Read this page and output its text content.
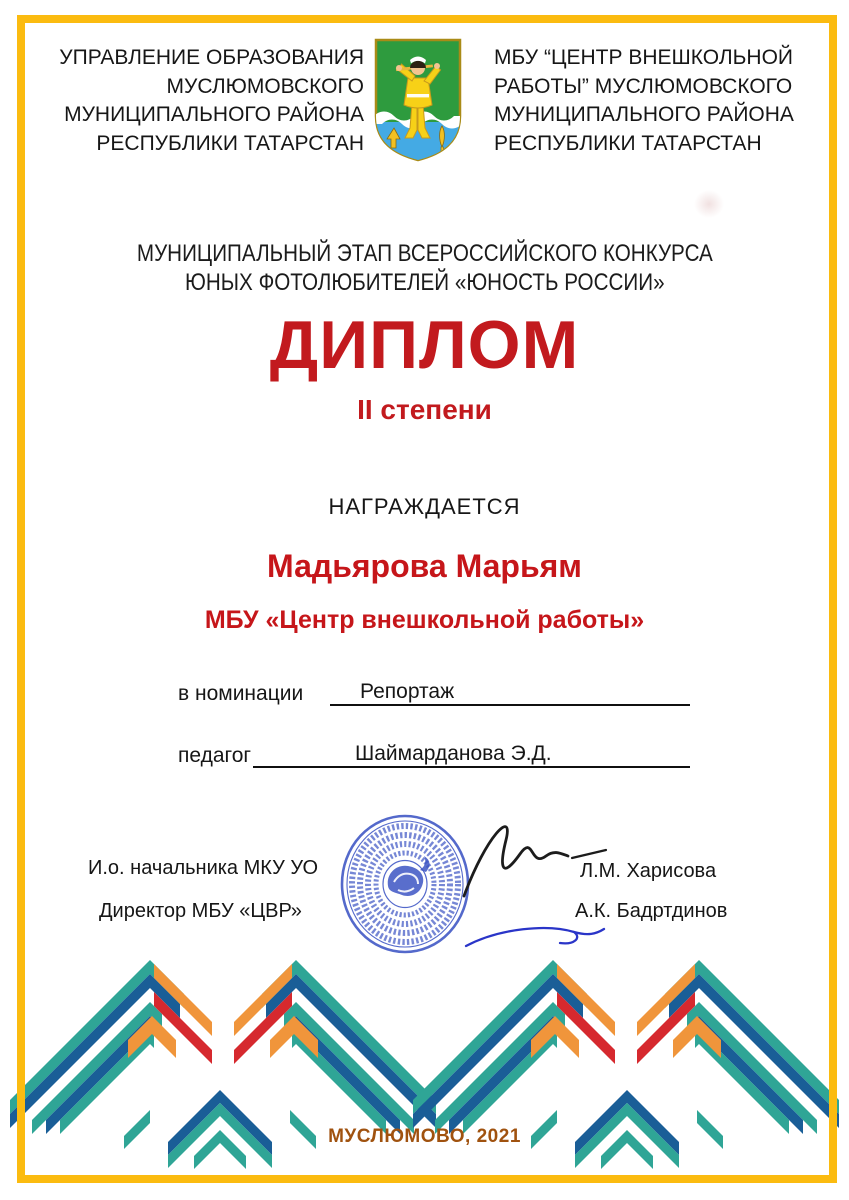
УПРАВЛЕНИЕ ОБРАЗОВАНИЯ
МУСЛЮМОВСКОГО
МУНИЦИПАЛЬНОГО РАЙОНА
РЕСПУБЛИКИ ТАТАРСТАН
МБУ “ЦЕНТР ВНЕШКОЛЬНОЙ
РАБОТЫ” МУСЛЮМОВСКОГО
МУНИЦИПАЛЬНОГО РАЙОНА
РЕСПУБЛИКИ ТАТАРСТАН
МУНИЦИПАЛЬНЫЙ ЭТАП ВСЕРОССИЙСКОГО КОНКУРСА
ЮНЫХ ФОТОЛЮБИТЕЛЕЙ «ЮНОСТЬ РОССИИ»
ДИПЛОМ
II степени
НАГРАЖДАЕТСЯ
Мадьярова Марьям
МБУ «Центр внешкольной работы»
в номинации	Репортаж
педагог	Шаймарданова Э.Д.
И.о. начальника МКУ УО
Директор МБУ «ЦВР»
Л.М. Харисова
А.К. Бадртдинов
МУСЛЮМОВО, 2021
